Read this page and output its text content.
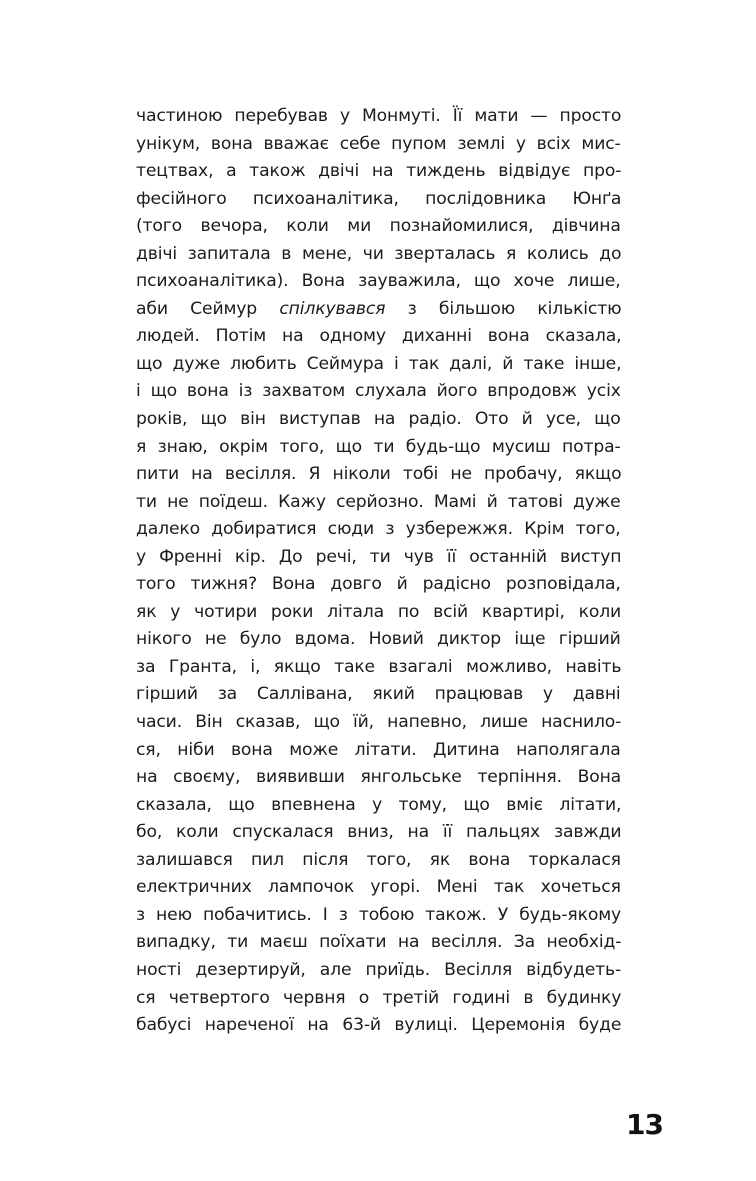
частиною перебував у Монмуті. Її мати — просто
унікум, вона вважає себе пупом землі у всіх мис-
тецтвах, а також двічі на тиждень відвідує про-
фесійного психоаналітика, послідовника Юнґа
(того вечора, коли ми познайомилися, дівчина
двічі запитала в мене, чи зверталась я колись до
психоаналітика). Вона зауважила, що хоче лише,
аби Сеймур спілкувався з більшою кількістю
людей. Потім на одному диханні вона сказала,
що дуже любить Сеймура і так далі, й таке інше,
і що вона із захватом слухала його впродовж усіх
років, що він виступав на радіо. Ото й усе, що
я знаю, окрім того, що ти будь-що мусиш потра-
пити на весілля. Я ніколи тобі не пробачу, якщо
ти не поїдеш. Кажу серйозно. Мамі й татові дуже
далеко добиратися сюди з узбережжя. Крім того,
у Френні кір. До речі, ти чув її останній виступ
того тижня? Вона довго й радісно розповідала,
як у чотири роки літала по всій квартирі, коли
нікого не було вдома. Новий диктор іще гірший
за Гранта, і, якщо таке взагалі можливо, навіть
гірший за Саллівана, який працював у давні
часи. Він сказав, що їй, напевно, лише наснило-
ся, ніби вона може літати. Дитина наполягала
на своєму, виявивши янгольське терпіння. Вона
сказала, що впевнена у тому, що вміє літати,
бо, коли спускалася вниз, на її пальцях завжди
залишався пил після того, як вона торкалася
електричних лампочок угорі. Мені так хочеться
з нею побачитись. І з тобою також. У будь-якому
випадку, ти маєш поїхати на весілля. За необхід-
ності дезертируй, але приїдь. Весілля відбудеть-
ся четвертого червня о третій годині в будинку
бабусі нареченої на 63-й вулиці. Церемонія буде
13
